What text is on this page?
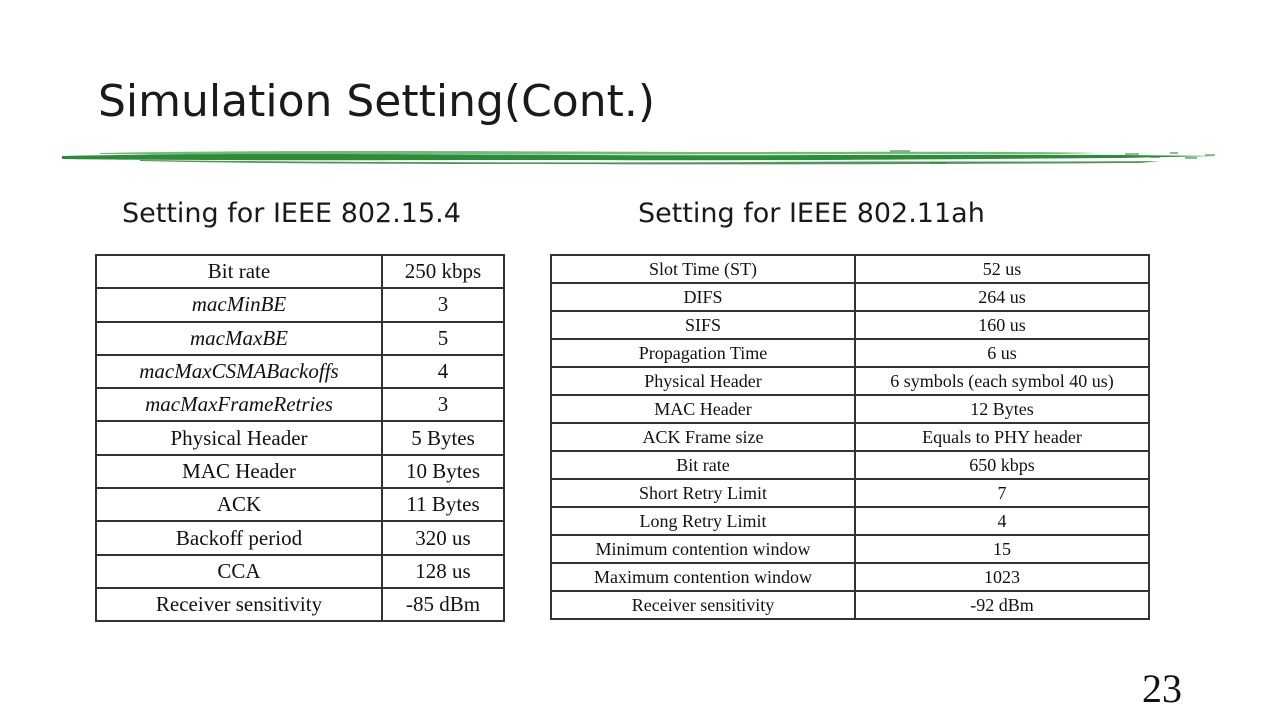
Simulation Setting(Cont.)
Setting for IEEE 802.15.4	Setting for IEEE 802.11ah
Bit rate	250 kbps
macMinBE	3
macMaxBE	5
macMaxCSMABackoffs	4
macMaxFrameRetries	3
Physical Header	5 Bytes
MAC Header	10 Bytes
ACK	11 Bytes
Backoff period	320 us
CCA	128 us
Receiver sensitivity	-85 dBm
Slot Time (ST)	52 us
DIFS	264 us
SIFS	160 us
Propagation Time	6 us
Physical Header	6 symbols (each symbol 40 us)
MAC Header	12 Bytes
ACK Frame size	Equals to PHY header
Bit rate	650 kbps
Short Retry Limit	7
Long Retry Limit	4
Minimum contention window	15
Maximum contention window	1023
Receiver sensitivity	-92 dBm
23
